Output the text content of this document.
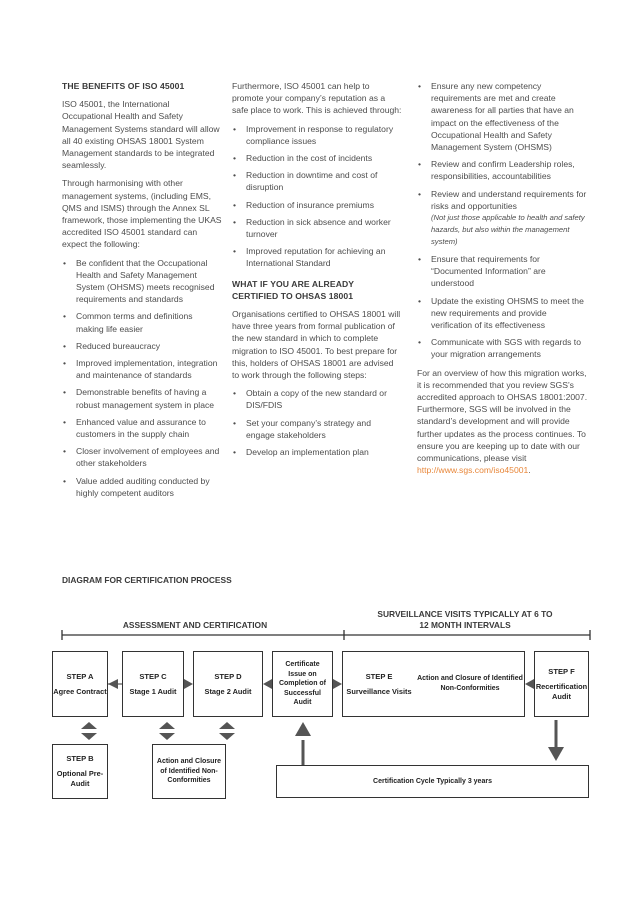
THE BENEFITS OF ISO 45001
ISO 45001, the International Occupational Health and Safety Management Systems standard will allow all 40 existing OHSAS 18001 System Management standards to be integrated seamlessly.
Through harmonising with other management systems, (including EMS, QMS and ISMS) through the Annex SL framework, those implementing the UKAS accredited ISO 45001 standard can expect the following:
• Be confident that the Occupational Health and Safety Management System (OHSMS) meets recognised requirements and standards
• Common terms and definitions making life easier
• Reduced bureaucracy
• Improved implementation, integration and maintenance of standards
• Demonstrable benefits of having a robust management system in place
• Enhanced value and assurance to customers in the supply chain
• Closer involvement of employees and other stakeholders
• Value added auditing conducted by highly competent auditors
Furthermore, ISO 45001 can help to promote your company’s reputation as a safe place to work. This is achieved through:
• Improvement in response to regulatory compliance issues
• Reduction in the cost of incidents
• Reduction in downtime and cost of disruption
• Reduction of insurance premiums
• Reduction in sick absence and worker turnover
• Improved reputation for achieving an International Standard
WHAT IF YOU ARE ALREADY CERTIFIED TO OHSAS 18001
Organisations certified to OHSAS 18001 will have three years from formal publication of the new standard in which to complete migration to ISO 45001. To best prepare for this, holders of OHSAS 18001 are advised to work through the following steps:
• Obtain a copy of the new standard or DIS/FDIS
• Set your company’s strategy and engage stakeholders
• Develop an implementation plan
• Ensure any new competency requirements are met and create awareness for all parties that have an impact on the effectiveness of the Occupational Health and Safety Management System (OHSMS)
• Review and confirm Leadership roles, responsibilities, accountabilities
• Review and understand requirements for risks and opportunities
(Not just those applicable to health and safety hazards, but also within the management system)
• Ensure that requirements for “Documented Information” are understood
• Update the existing OHSMS to meet the new requirements and provide verification of its effectiveness
• Communicate with SGS with regards to your migration arrangements
For an overview of how this migration works, it is recommended that you review SGS’s accredited approach to OHSAS 18001:2007. Furthermore, SGS will be involved in the standard’s development and will provide further updates as the process continues. To ensure you are keeping up to date with our communications, please visit http://www.sgs.com/iso45001.
DIAGRAM FOR CERTIFICATION PROCESS
ASSESSMENT AND CERTIFICATION
SURVEILLANCE VISITS TYPICALLY AT 6 TO 12 MONTH INTERVALS
STEP A
Agree Contract
STEP C
Stage 1 Audit
STEP D
Stage 2 Audit
Certificate Issue on Completion of Successful Audit
STEP E
Surveillance Visits
Action and Closure of Identified Non-Conformities
STEP F
Recertification Audit
STEP B
Optional Pre-Audit
Action and Closure of Identified Non-Conformities	Certification Cycle Typically 3 years
